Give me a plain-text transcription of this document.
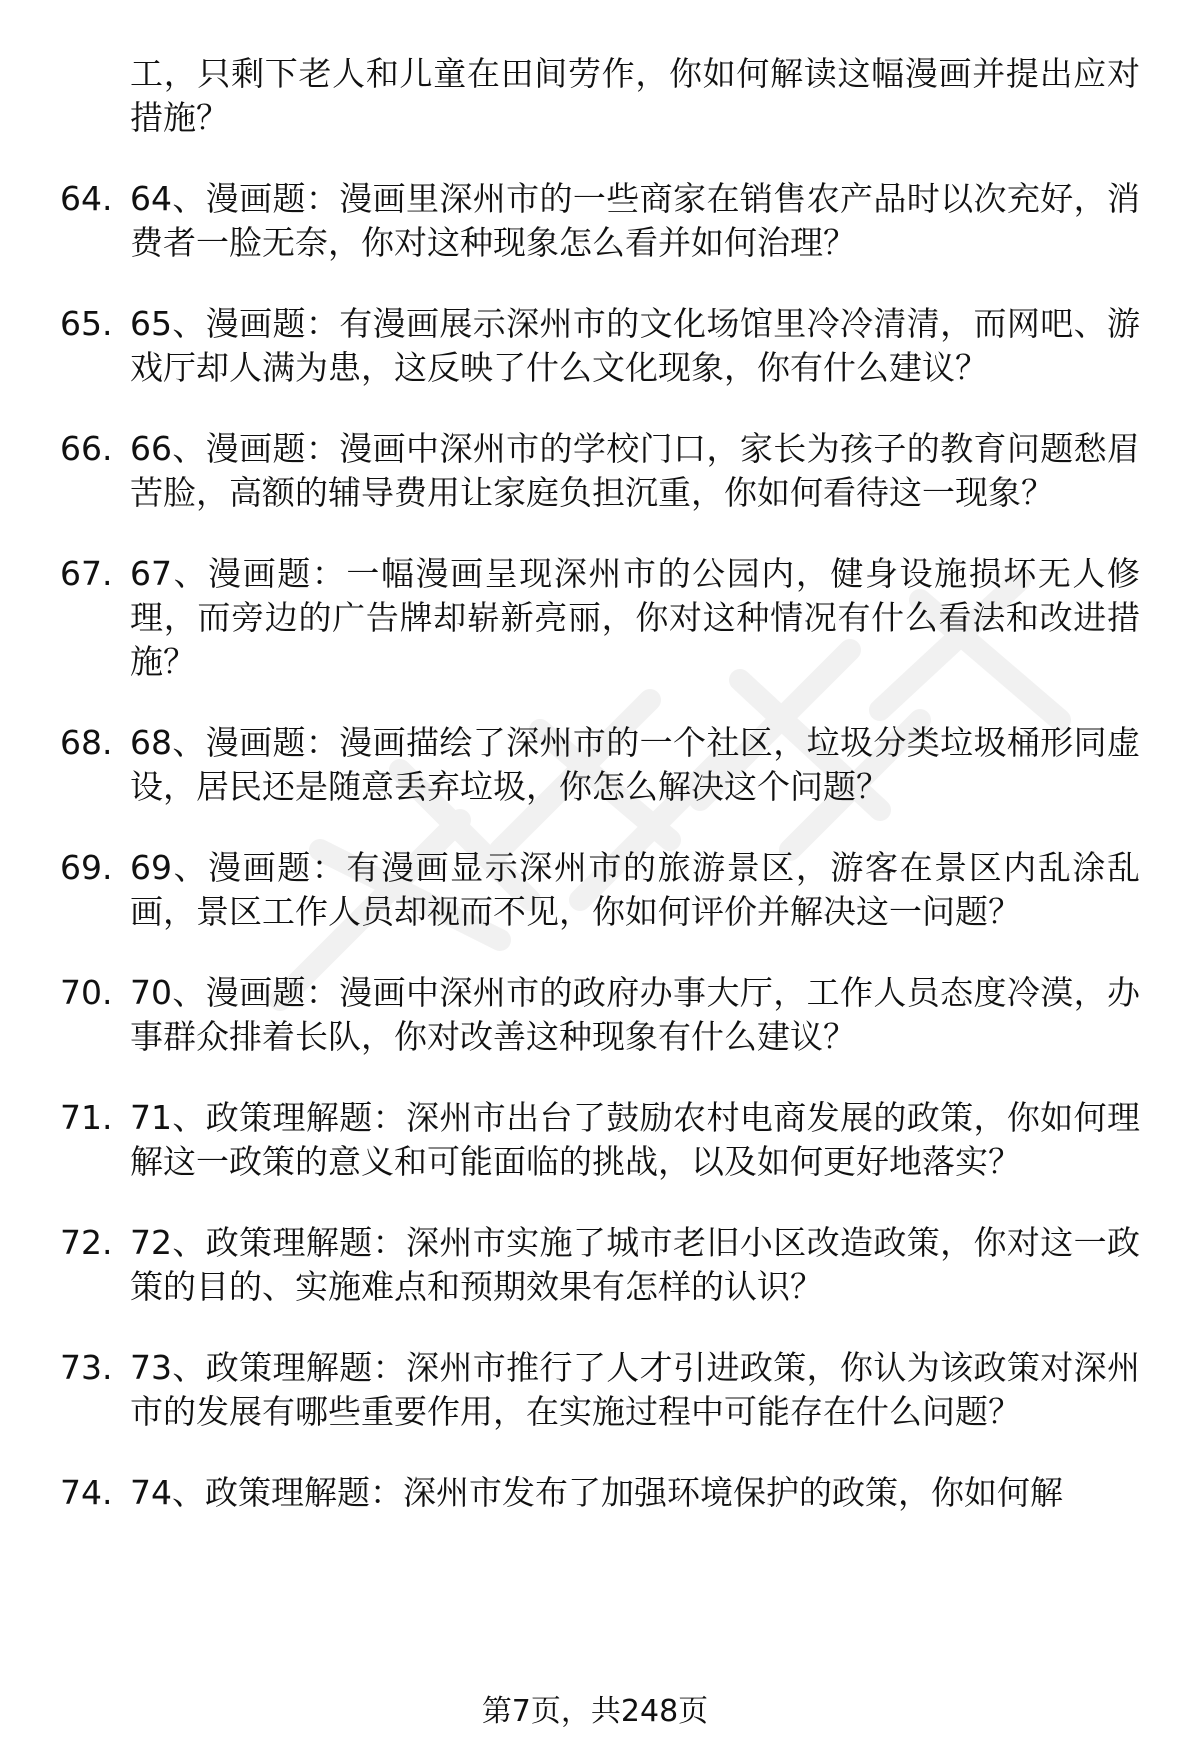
工，只剩下老人和儿童在田间劳作，你如何解读这幅漫画并提出应对措施？
64. 64、漫画题：漫画里深州市的一些商家在销售农产品时以次充好，消费者一脸无奈，你对这种现象怎么看并如何治理？
65. 65、漫画题：有漫画展示深州市的文化场馆里冷冷清清，而网吧、游戏厅却人满为患，这反映了什么文化现象，你有什么建议？
66. 66、漫画题：漫画中深州市的学校门口，家长为孩子的教育问题愁眉苦脸，高额的辅导费用让家庭负担沉重，你如何看待这一现象？
67. 67、漫画题：一幅漫画呈现深州市的公园内，健身设施损坏无人修理，而旁边的广告牌却崭新亮丽，你对这种情况有什么看法和改进措施？
68. 68、漫画题：漫画描绘了深州市的一个社区，垃圾分类垃圾桶形同虚设，居民还是随意丢弃垃圾，你怎么解决这个问题？
69. 69、漫画题：有漫画显示深州市的旅游景区，游客在景区内乱涂乱画，景区工作人员却视而不见，你如何评价并解决这一问题？
70. 70、漫画题：漫画中深州市的政府办事大厅，工作人员态度冷漠，办事群众排着长队，你对改善这种现象有什么建议？
71. 71、政策理解题：深州市出台了鼓励农村电商发展的政策，你如何理解这一政策的意义和可能面临的挑战，以及如何更好地落实？
72. 72、政策理解题：深州市实施了城市老旧小区改造政策，你对这一政策的目的、实施难点和预期效果有怎样的认识？
73. 73、政策理解题：深州市推行了人才引进政策，你认为该政策对深州市的发展有哪些重要作用，在实施过程中可能存在什么问题？
74. 74、政策理解题：深州市发布了加强环境保护的政策，你如何解
第7页，共248页
